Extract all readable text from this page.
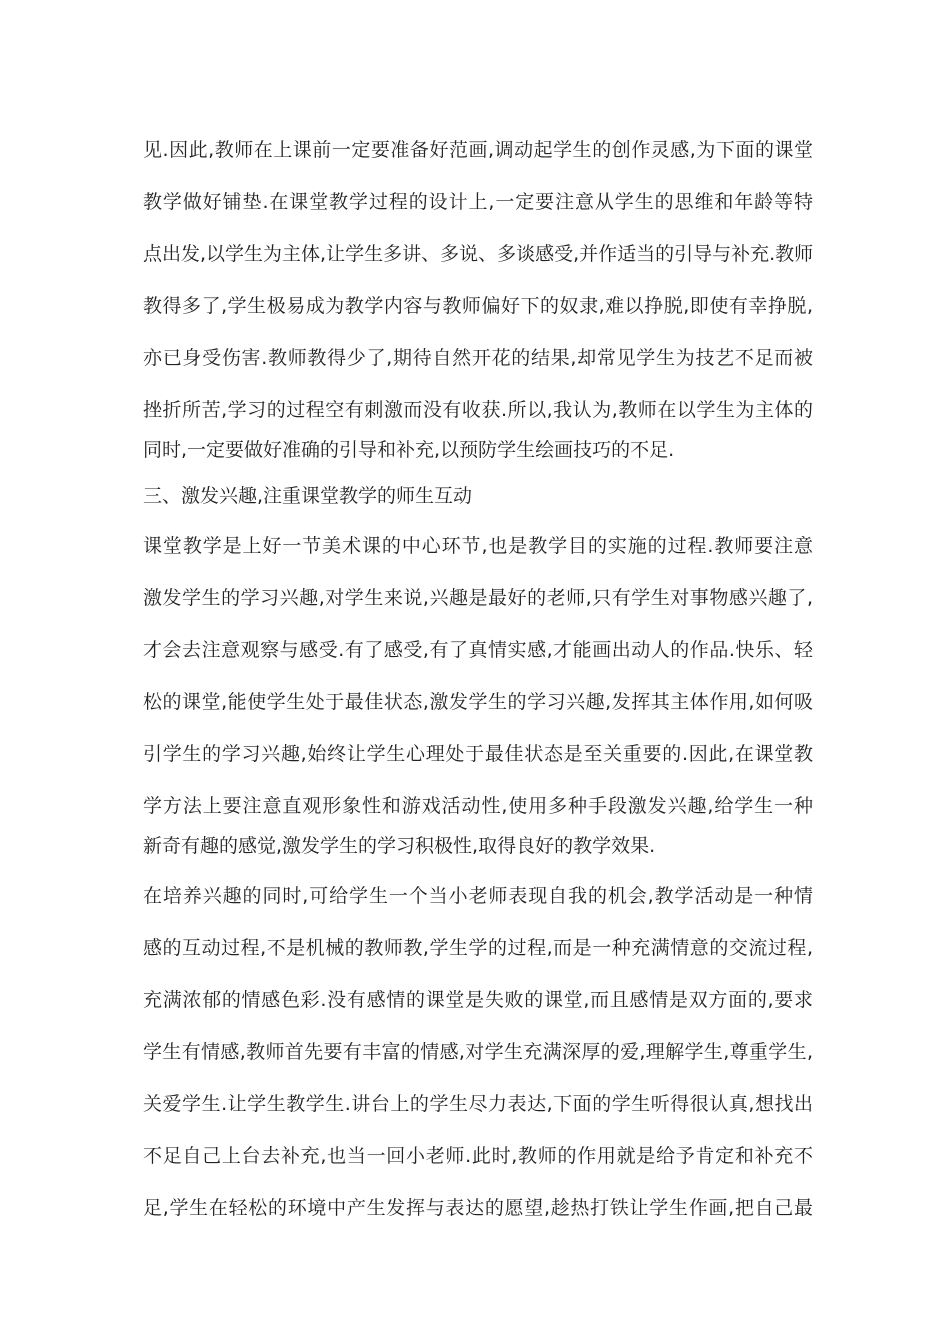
见.因此,教师在上课前一定要准备好范画,调动起学生的创作灵感,为下面的课堂
教学做好铺垫.在课堂教学过程的设计上,一定要注意从学生的思维和年龄等特
点出发,以学生为主体,让学生多讲、多说、多谈感受,并作适当的引导与补充.教师
教得多了,学生极易成为教学内容与教师偏好下的奴隶,难以挣脱,即使有幸挣脱,
亦已身受伤害.教师教得少了,期待自然开花的结果,却常见学生为技艺不足而被
挫折所苦,学习的过程空有刺激而没有收获.所以,我认为,教师在以学生为主体的
同时,一定要做好准确的引导和补充,以预防学生绘画技巧的不足.
三、激发兴趣,注重课堂教学的师生互动
课堂教学是上好一节美术课的中心环节,也是教学目的实施的过程.教师要注意
激发学生的学习兴趣,对学生来说,兴趣是最好的老师,只有学生对事物感兴趣了,
才会去注意观察与感受.有了感受,有了真情实感,才能画出动人的作品.快乐、轻
松的课堂,能使学生处于最佳状态,激发学生的学习兴趣,发挥其主体作用,如何吸
引学生的学习兴趣,始终让学生心理处于最佳状态是至关重要的.因此,在课堂教
学方法上要注意直观形象性和游戏活动性,使用多种手段激发兴趣,给学生一种
新奇有趣的感觉,激发学生的学习积极性,取得良好的教学效果.
在培养兴趣的同时,可给学生一个当小老师表现自我的机会,教学活动是一种情
感的互动过程,不是机械的教师教,学生学的过程,而是一种充满情意的交流过程,
充满浓郁的情感色彩.没有感情的课堂是失败的课堂,而且感情是双方面的,要求
学生有情感,教师首先要有丰富的情感,对学生充满深厚的爱,理解学生,尊重学生,
关爱学生.让学生教学生.讲台上的学生尽力表达,下面的学生听得很认真,想找出
不足自己上台去补充,也当一回小老师.此时,教师的作用就是给予肯定和补充不
足,学生在轻松的环境中产生发挥与表达的愿望,趁热打铁让学生作画,把自己最
